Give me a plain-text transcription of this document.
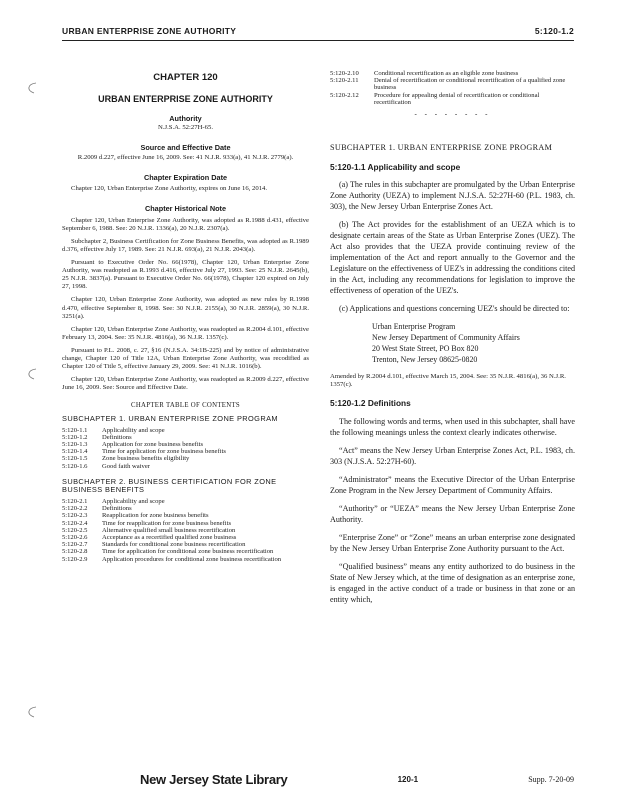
URBAN ENTERPRISE ZONE AUTHORITY	5:120-1.2
CHAPTER 120
URBAN ENTERPRISE ZONE AUTHORITY
Authority
N.J.S.A. 52:27H-65.
Source and Effective Date
R.2009 d.227, effective June 16, 2009. See: 41 N.J.R. 933(a), 41 N.J.R. 2779(a).
Chapter Expiration Date
Chapter 120, Urban Enterprise Zone Authority, expires on June 16, 2014.
Chapter Historical Note
Chapter 120, Urban Enterprise Zone Authority, was adopted as R.1988 d.431, effective September 6, 1988. See: 20 N.J.R. 1336(a), 20 N.J.R. 2307(a).
Subchapter 2, Business Certification for Zone Business Benefits, was adopted as R.1989 d.376, effective July 17, 1989. See: 21 N.J.R. 693(a), 21 N.J.R. 2043(a).
Pursuant to Executive Order No. 66(1978), Chapter 120, Urban Enterprise Zone Authority, was readopted as R.1993 d.416, effective July 27, 1993. See: 25 N.J.R. 2645(b), 25 N.J.R. 3837(a). Pursuant to Executive Order No. 66(1978), Chapter 120 expired on July 27, 1998.
Chapter 120, Urban Enterprise Zone Authority, was adopted as new rules by R.1998 d.470, effective September 8, 1998. See: 30 N.J.R. 2155(a), 30 N.J.R. 2859(a), 30 N.J.R. 3251(a).
Chapter 120, Urban Enterprise Zone Authority, was readopted as R.2004 d.101, effective February 13, 2004. See: 35 N.J.R. 4816(a), 36 N.J.R. 1357(c).
Pursuant to P.L. 2008, c. 27, §16 (N.J.S.A. 34:1B-225) and by notice of administrative change, Chapter 120 of Title 12A, Urban Enterprise Zone Authority, was recodified as Chapter 120 of Title 5, effective January 29, 2009. See: 41 N.J.R. 1016(b).
Chapter 120, Urban Enterprise Zone Authority, was readopted as R.2009 d.227, effective June 16, 2009. See: Source and Effective Date.
CHAPTER TABLE OF CONTENTS
SUBCHAPTER 1. URBAN ENTERPRISE ZONE PROGRAM
5:120-1.1	Applicability and scope
5:120-1.2	Definitions
5:120-1.3	Application for zone business benefits
5:120-1.4	Time for application for zone business benefits
5:120-1.5	Zone business benefits eligibility
5:120-1.6	Good faith waiver
SUBCHAPTER 2. BUSINESS CERTIFICATION FOR ZONE BUSINESS BENEFITS
5:120-2.1	Applicability and scope
5:120-2.2	Definitions
5:120-2.3	Reapplication for zone business benefits
5:120-2.4	Time for reapplication for zone business benefits
5:120-2.5	Alternative qualified small business recertification
5:120-2.6	Acceptance as a recertified qualified zone business
5:120-2.7	Standards for conditional zone business recertification
5:120-2.8	Time for application for conditional zone business recertification
5:120-2.9	Application procedures for conditional zone business recertification
5:120-2.10	Conditional recertification as an eligible zone business
5:120-2.11	Denial of recertification or conditional recertification of a qualified zone business
5:120-2.12	Procedure for appealing denial of recertification or conditional recertification
- - - - - - - -
SUBCHAPTER 1. URBAN ENTERPRISE ZONE PROGRAM
5:120-1.1 Applicability and scope
(a) The rules in this subchapter are promulgated by the Urban Enterprise Zone Authority (UEZA) to implement N.J.S.A. 52:27H-60 (P.L. 1983, ch. 303), the New Jersey Urban Enterprise Zones Act.
(b) The Act provides for the establishment of an UEZA which is to designate certain areas of the State as Urban Enterprise Zones (UEZ). The Act also provides that the UEZA provide continuing review of the implementation of the Act and report annually to the Governor and the Legislature on the effectiveness of UEZ's in addressing the conditions cited in the Act, including any recommendations for legislation to improve the effectiveness of operation of the UEZ's.
(c) Applications and questions concerning UEZ's should be directed to:
Urban Enterprise Program
New Jersey Department of Community Affairs
20 West State Street, PO Box 820
Trenton, New Jersey 08625-0820
Amended by R.2004 d.101, effective March 15, 2004. See: 35 N.J.R. 4816(a), 36 N.J.R. 1357(c).
5:120-1.2 Definitions
The following words and terms, when used in this subchapter, shall have the following meanings unless the context clearly indicates otherwise.
“Act” means the New Jersey Urban Enterprise Zones Act, P.L. 1983, ch. 303 (N.J.S.A. 52:27H-60).
“Administrator” means the Executive Director of the Urban Enterprise Zone Program in the New Jersey Department of Community Affairs.
“Authority” or “UEZA” means the New Jersey Urban Enterprise Zone Authority.
“Enterprise Zone” or “Zone” means an urban enterprise zone designated by the New Jersey Urban Enterprise Zone Authority pursuant to the Act.
“Qualified business” means any entity authorized to do business in the State of New Jersey which, at the time of designation as an enterprise zone, is engaged in the active conduct of a trade or business in that zone or an entity which,
New Jersey State Library	120-1	Supp. 7-20-09
